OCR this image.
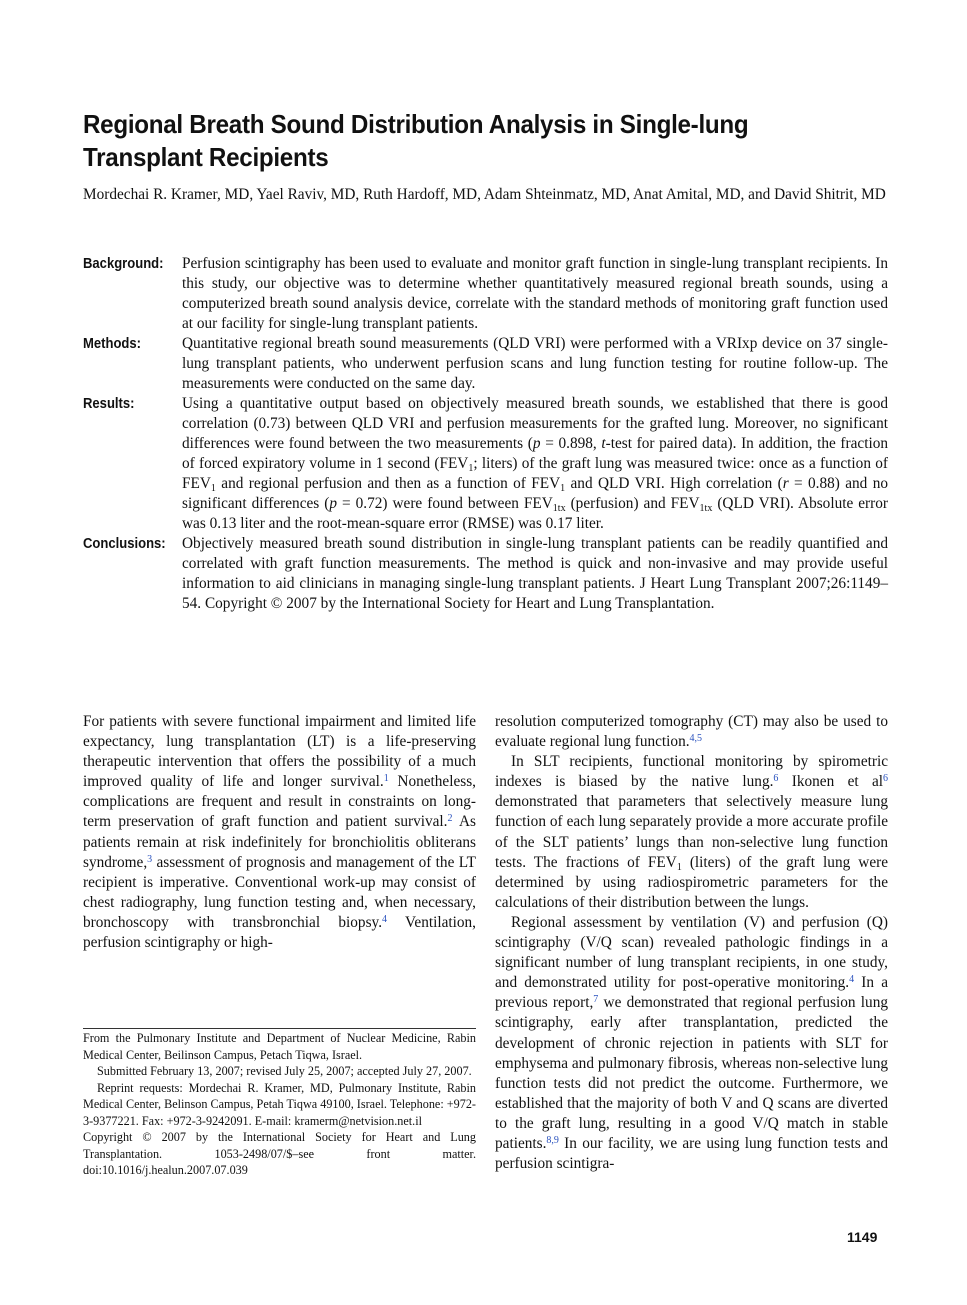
Regional Breath Sound Distribution Analysis in Single-lung Transplant Recipients
Mordechai R. Kramer, MD, Yael Raviv, MD, Ruth Hardoff, MD, Adam Shteinmatz, MD, Anat Amital, MD, and David Shitrit, MD
Background:	Perfusion scintigraphy has been used to evaluate and monitor graft function in single-lung transplant recipients. In this study, our objective was to determine whether quantitatively measured regional breath sounds, using a computerized breath sound analysis device, correlate with the standard methods of monitoring graft function used at our facility for single-lung transplant patients.
Methods:	Quantitative regional breath sound measurements (QLD VRI) were performed with a VRIxp device on 37 single-lung transplant patients, who underwent perfusion scans and lung function testing for routine follow-up. The measurements were conducted on the same day.
Results:	Using a quantitative output based on objectively measured breath sounds, we established that there is good correlation (0.73) between QLD VRI and perfusion measurements for the grafted lung. Moreover, no significant differences were found between the two measurements (p = 0.898, t-test for paired data). In addition, the fraction of forced expiratory volume in 1 second ($FEV_1$; liters) of the graft lung was measured twice: once as a function of $FEV_1$ and regional perfusion and then as a function of $FEV_1$ and QLD VRI. High correlation (r = 0.88) and no significant differences (p = 0.72) were found between $FEV_{1tx}$ (perfusion) and $FEV_{1tx}$ (QLD VRI). Absolute error was 0.13 liter and the root-mean-square error (RMSE) was 0.17 liter.
Conclusions:	Objectively measured breath sound distribution in single-lung transplant patients can be readily quantified and correlated with graft function measurements. The method is quick and non-invasive and may provide useful information to aid clinicians in managing single-lung transplant patients. J Heart Lung Transplant 2007;26:1149–54. Copyright © 2007 by the International Society for Heart and Lung Transplantation.

For patients with severe functional impairment and limited life expectancy, lung transplantation (LT) is a life-preserving therapeutic intervention that offers the possibility of a much improved quality of life and longer survival.$^1$ Nonetheless, complications are frequent and result in constraints on long-term preservation of graft function and patient survival.$^2$ As patients remain at risk indefinitely for bronchiolitis obliterans syndrome,$^3$ assessment of prognosis and management of the LT recipient is imperative. Conventional work-up may consist of chest radiography, lung function testing and, when necessary, bronchoscopy with transbronchial biopsy.$^4$ Ventilation, perfusion scintigraphy or high-

From the Pulmonary Institute and Department of Nuclear Medicine, Rabin Medical Center, Beilinson Campus, Petach Tiqwa, Israel.

Submitted February 13, 2007; revised July 25, 2007; accepted July 27, 2007.

Reprint requests: Mordechai R. Kramer, MD, Pulmonary Institute, Rabin Medical Center, Belinson Campus, Petah Tiqwa 49100, Israel. Telephone: +972-3-9377221. Fax: +972-3-9242091. E-mail: kramerm@netvision.net.il

Copyright © 2007 by the International Society for Heart and Lung Transplantation. 1053-2498/07/$–see front matter. doi:10.1016/j.healun.2007.07.039

resolution computerized tomography (CT) may also be used to evaluate regional lung function.$^{4,5}$

In SLT recipients, functional monitoring by spirometric indexes is biased by the native lung.$^6$ Ikonen et $al^6$ demonstrated that parameters that selectively measure lung function of each lung separately provide a more accurate profile of the SLT patients’ lungs than non-selective lung function tests. The fractions of $FEV_1$ (liters) of the graft lung were determined by using radiospirometric parameters for the calculations of their distribution between the lungs.

Regional assessment by ventilation (V) and perfusion (Q) scintigraphy (V/Q scan) revealed pathologic findings in a significant number of lung transplant recipients, in one study, and demonstrated utility for post-operative monitoring.$^4$ In a previous report,$^7$ we demonstrated that regional perfusion lung scintigraphy, early after transplantation, predicted the development of chronic rejection in patients with SLT for emphysema and pulmonary fibrosis, whereas non-selective lung function tests did not predict the outcome. Furthermore, we established that the majority of both V and Q scans are diverted to the graft lung, resulting in a good V/Q match in stable patients.$^{8,9}$ In our facility, we are using lung function tests and perfusion scintigra-

1149
